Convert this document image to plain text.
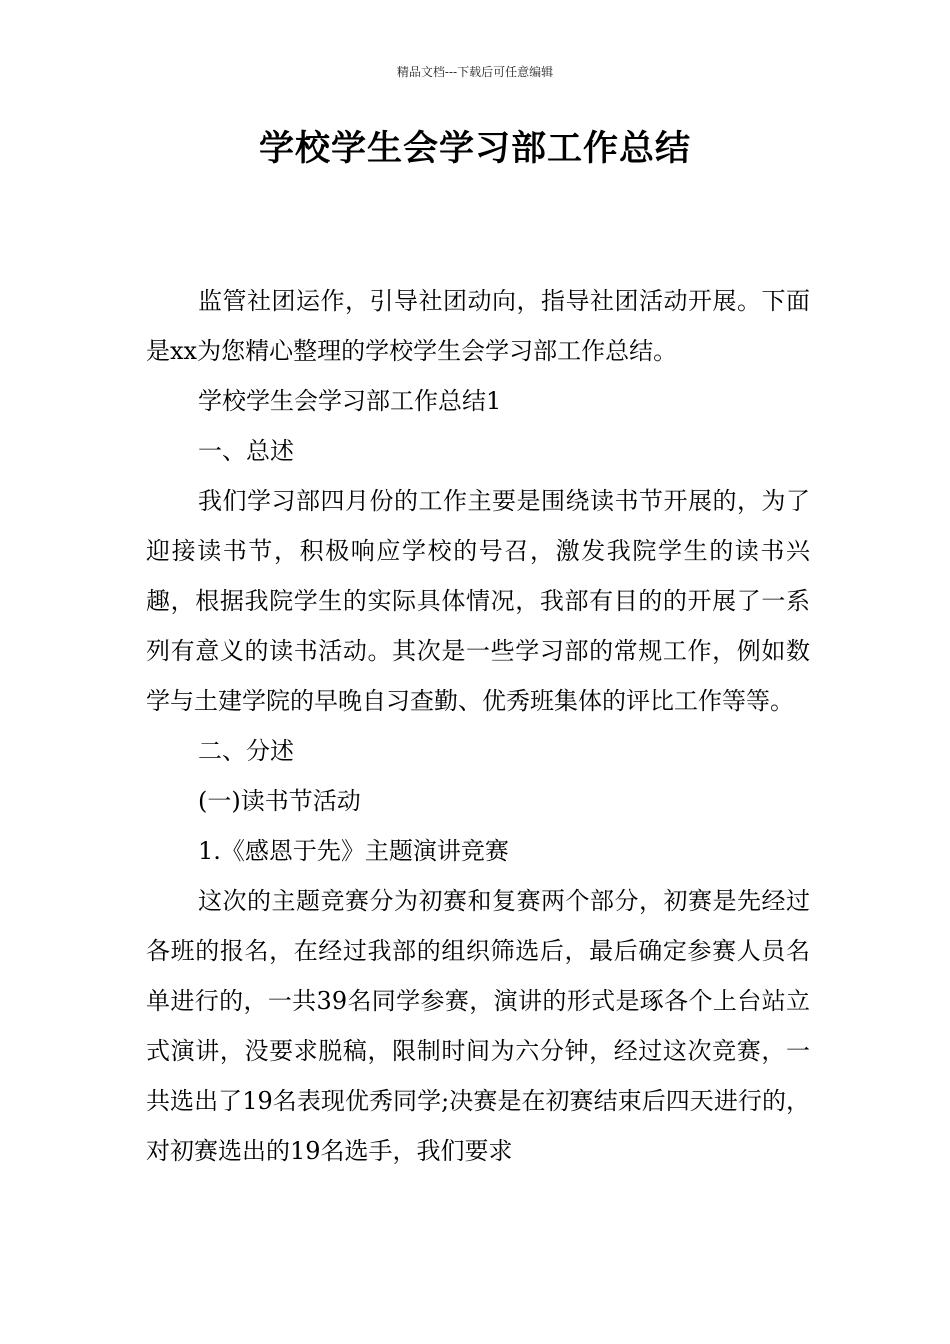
精品文档---下载后可任意编辑
学校学生会学习部工作总结

监管社团运作，引导社团动向，指导社团活动开展。下面是xx为您精心整理的学校学生会学习部工作总结。

学校学生会学习部工作总结1

一、总述

我们学习部四月份的工作主要是围绕读书节开展的，为了迎接读书节，积极响应学校的号召，激发我院学生的读书兴趣，根据我院学生的实际具体情况，我部有目的的开展了一系列有意义的读书活动。其次是一些学习部的常规工作，例如数学与土建学院的早晚自习查勤、优秀班集体的评比工作等等。

二、分述

(一)读书节活动

1.《感恩于先》主题演讲竞赛

这次的主题竞赛分为初赛和复赛两个部分，初赛是先经过各班的报名，在经过我部的组织筛选后，最后确定参赛人员名单进行的，一共39名同学参赛，演讲的形式是琢各个上台站立式演讲，没要求脱稿，限制时间为六分钟，经过这次竞赛，一共选出了19名表现优秀同学;决赛是在初赛结束后四天进行的，对初赛选出的19名选手，我们要求
